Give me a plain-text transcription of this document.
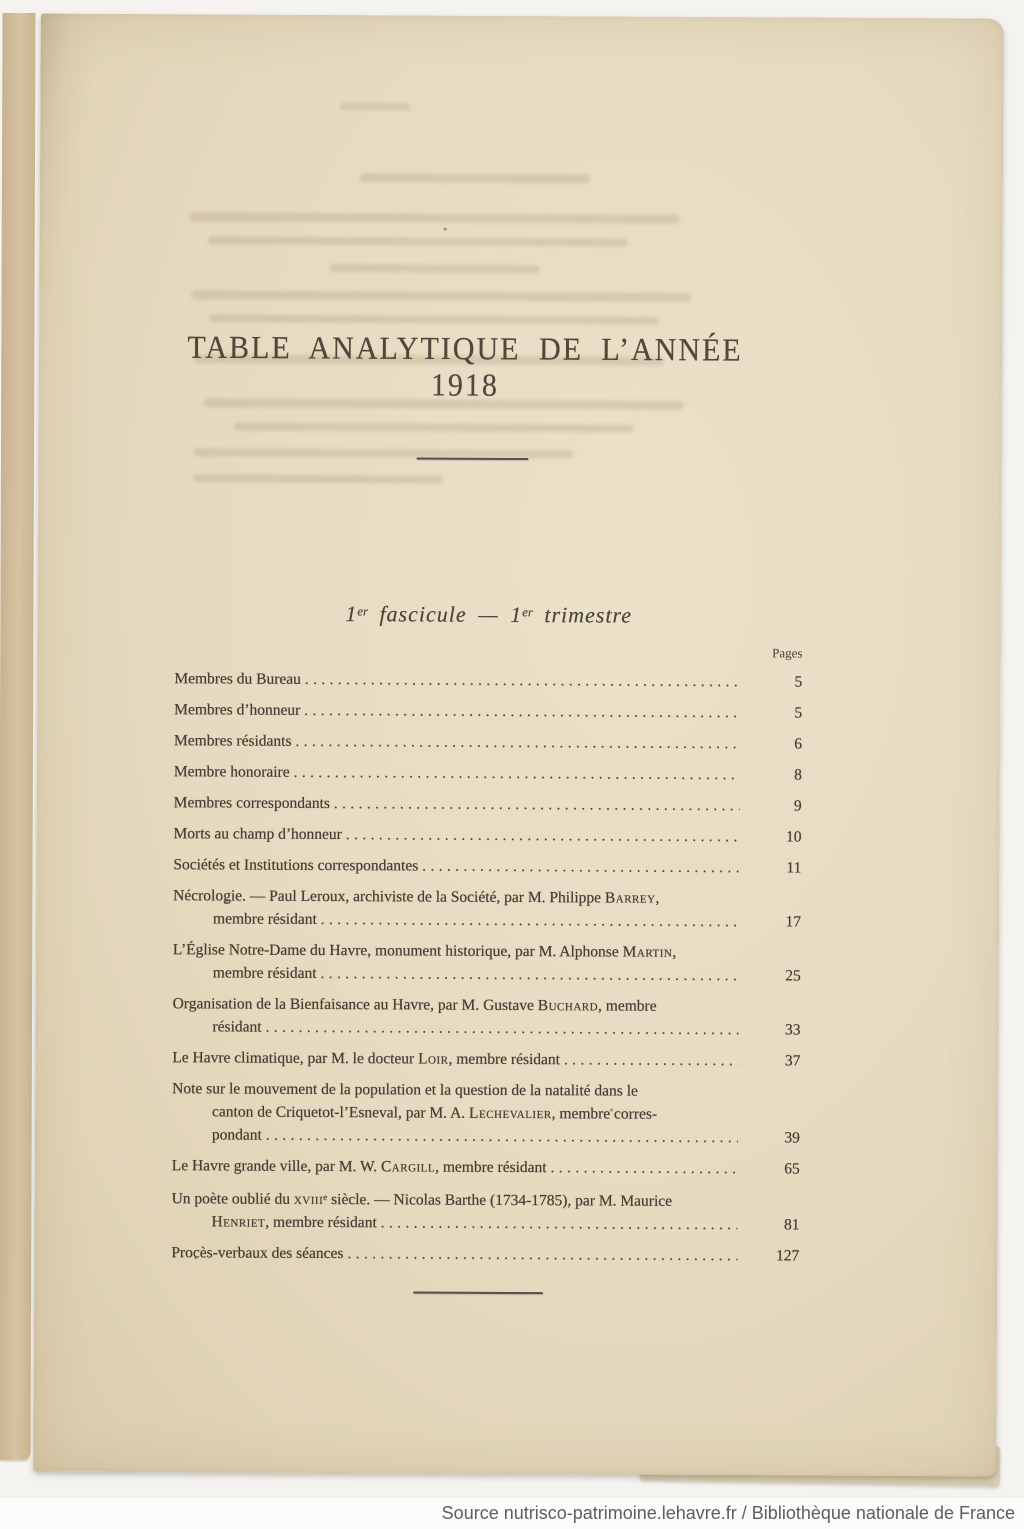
TABLE ANALYTIQUE DE L’ANNÉE 1918
1er fascicule — 1er trimestre
Pages
Membres du Bureau .....	5
Membres d’honneur .....	5
Membres résidants .....	6
Membre honoraire .....	8
Membres correspondants .....	9
Morts au champ d’honneur .....	10
Sociétés et Institutions correspondantes .....	11
Nécrologie. — Paul Leroux, archiviste de la Société, par M. Philippe Barrey,
membre résidant .....	17
L’Église Notre-Dame du Havre, monument historique, par M. Alphonse Martin,
membre résidant .....	25
Organisation de la Bienfaisance au Havre, par M. Gustave Buchard, membre
résidant .....	33
Le Havre climatique, par M. le docteur Loir, membre résidant .....	37
Note sur le mouvement de la population et la question de la natalité dans le
canton de Criquetot-l’Esneval, par M. A. Lechevalier, membre corres-
pondant .....	39
Le Havre grande ville, par M. W. Cargill, membre résidant .....	65
Un poète oublié du xviii$^e$ siècle. — Nicolas Barthe (1734-1785), par M. Maurice
Henriet, membre résidant .....	81
Procès-verbaux des séances .....	127
Source nutrisco-patrimoine.lehavre.fr / Bibliothèque nationale de France
